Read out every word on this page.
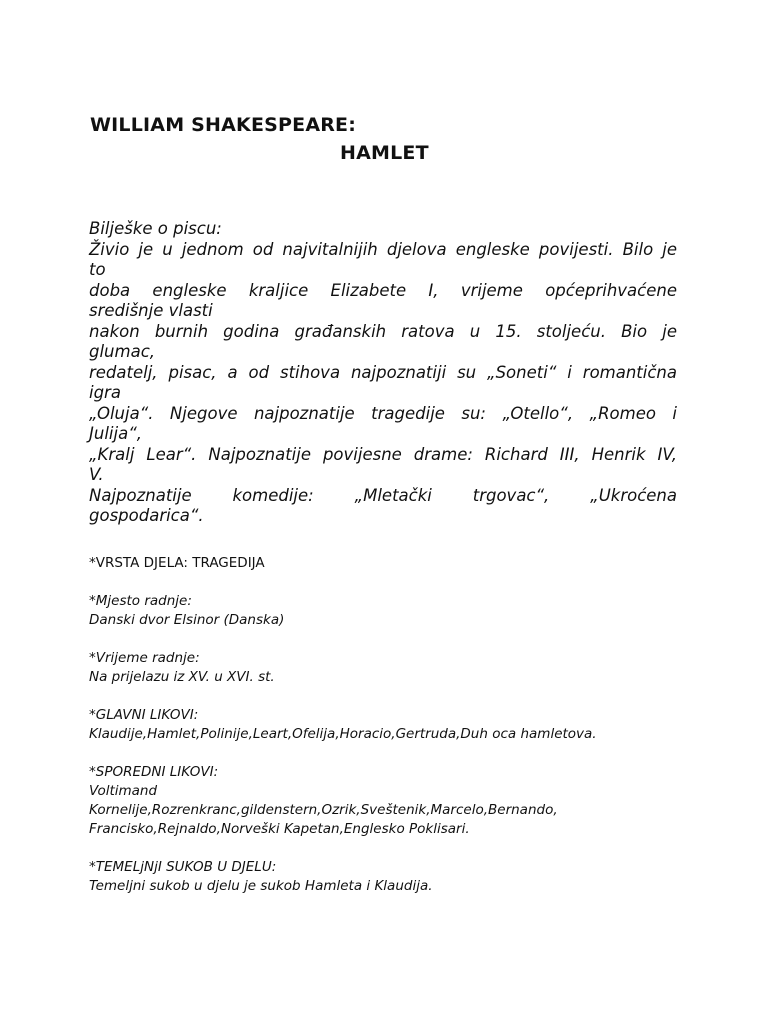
WILLIAM SHAKESPEARE:
HAMLET
Bilješke o piscu:

Živio je u jednom od najvitalnijih djelova engleske povijesti. Bilo je

to

doba engleske kraljice Elizabete I, vrijeme općeprihvaćene

središnje vlasti

nakon burnih godina građanskih ratova u 15. stoljeću. Bio je

glumac,

redatelj, pisac, a od stihova najpoznatiji su „Soneti“ i romantična

igra

„Oluja“. Njegove najpoznatije tragedije su: „Otello“, „Romeo i

Julija“,

„Kralj Lear“. Najpoznatije povijesne drame: Richard III, Henrik IV,

V.

Najpoznatije komedije: „Mletački trgovac“, „Ukroćena

gospodarica“.
*VRSTA DJELA: TRAGEDIJA
*Mjesto radnje:
Danski dvor Elsinor (Danska)
*Vrijeme radnje:
Na prijelazu iz XV. u XVI. st.
*GLAVNI LIKOVI:
Klaudije,Hamlet,Polinije,Leart,Ofelija,Horacio,Gertruda,Duh oca hamletova.
*SPOREDNI LIKOVI:
Voltimand
Kornelije,Rozrenkranc,gildenstern,Ozrik,Sveštenik,Marcelo,Bernando,
Francisko,Rejnaldo,Norveški Kapetan,Englesko Poklisari.
*TEMELjNjI SUKOB U DJELU:
Temeljni sukob u djelu je sukob Hamleta i Klaudija.
